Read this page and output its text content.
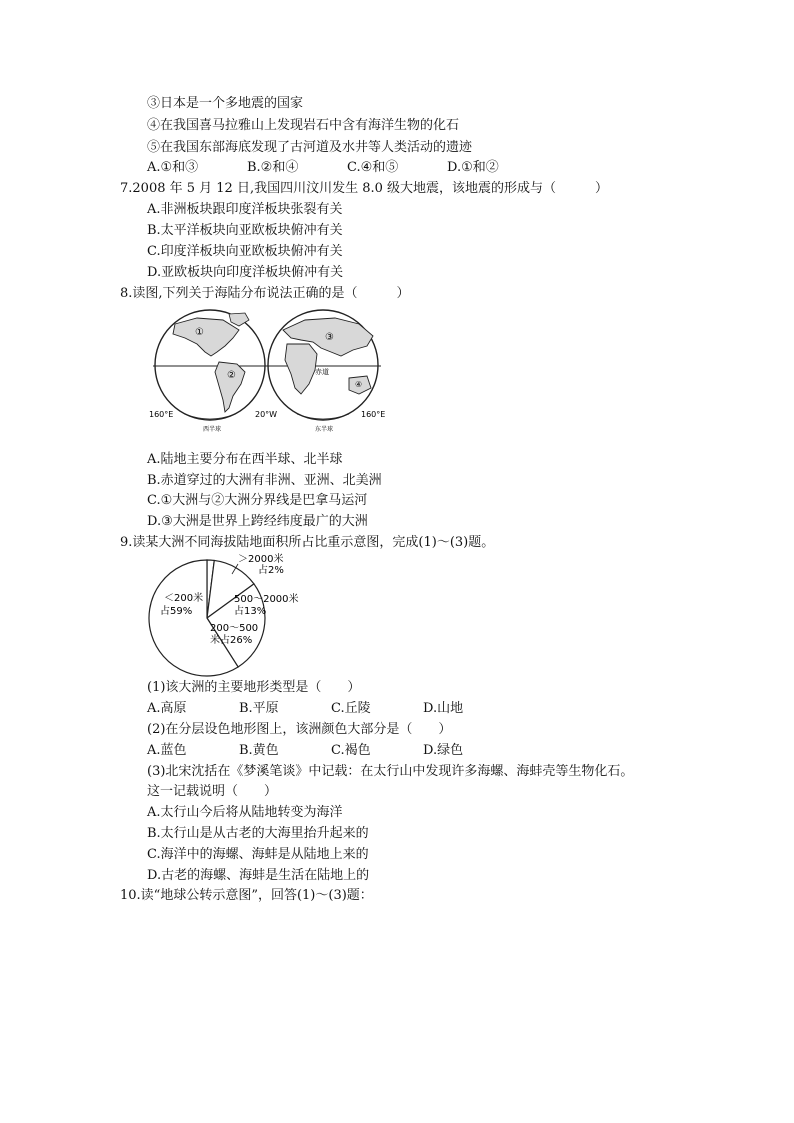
③日本是一个多地震的国家
④在我国喜马拉雅山上发现岩石中含有海洋生物的化石
⑤在我国东部海底发现了古河道及水井等人类活动的遗迹
A.①和③	B.②和④	C.④和⑤	D.①和②
7.2008 年 5 月 12 日,我国四川汶川发生 8.0 级大地震，该地震的形成与（　　　）
A.非洲板块跟印度洋板块张裂有关
B.太平洋板块向亚欧板块俯冲有关
C.印度洋板块向亚欧板块俯冲有关
D.亚欧板块向印度洋板块俯冲有关
8.读图,下列关于海陆分布说法正确的是（　　　）
①
②
③
④
赤道
160°E	20°W	160°E
西半球	东半球
A.陆地主要分布在西半球、北半球
B.赤道穿过的大洲有非洲、亚洲、北美洲
C.①大洲与②大洲分界线是巴拿马运河
D.③大洲是世界上跨经纬度最广的大洲
9.读某大洲不同海拔陆地面积所占比重示意图，完成(1)～(3)题。
＞2000米
占2%
＜200米
占59%
500～2000米
占13%
200～500
米占26%
(1)该大洲的主要地形类型是（　　）
A.高原	B.平原	C.丘陵	D.山地
(2)在分层设色地形图上，该洲颜色大部分是（　　）
A.蓝色	B.黄色	C.褐色	D.绿色
(3)北宋沈括在《梦溪笔谈》中记载：在太行山中发现许多海螺、海蚌壳等生物化石。
这一记载说明（　　）
A.太行山今后将从陆地转变为海洋
B.太行山是从古老的大海里抬升起来的
C.海洋中的海螺、海蚌是从陆地上来的
D.古老的海螺、海蚌是生活在陆地上的
10.读“地球公转示意图”，回答(1)～(3)题：
